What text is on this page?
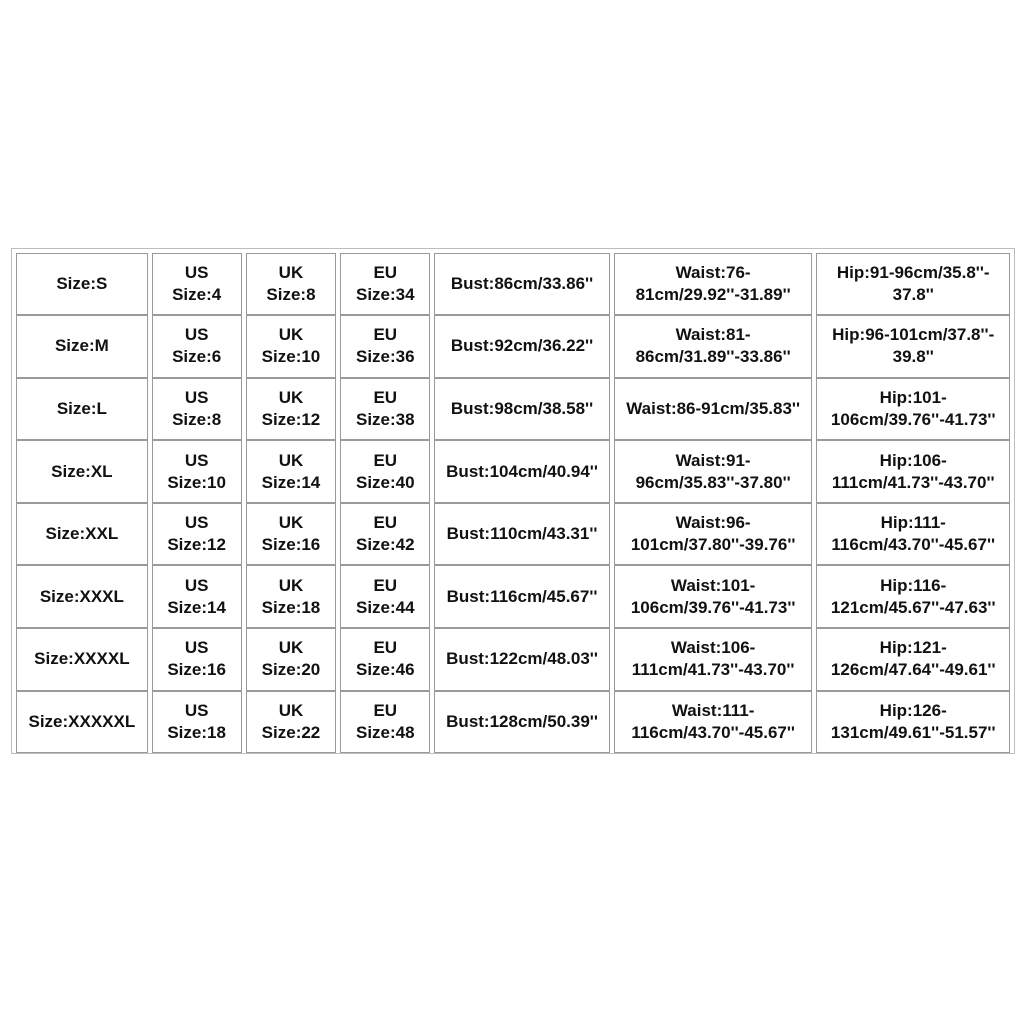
Size:S
US
Size:4
UK
Size:8
EU
Size:34
Bust:86cm/33.86''
Waist:76-
81cm/29.92''-31.89''
Hip:91-96cm/35.8''-
37.8''
Size:M
US
Size:6
UK
Size:10
EU
Size:36
Bust:92cm/36.22''
Waist:81-
86cm/31.89''-33.86''
Hip:96-101cm/37.8''-
39.8''
Size:L
US
Size:8
UK
Size:12
EU
Size:38
Bust:98cm/38.58'' Waist:86-91cm/35.83''

Hip:101-
106cm/39.76''-41.73''
Size:XL
US
Size:10
UK
Size:14
EU
Size:40
Bust:104cm/40.94''
Waist:91-
96cm/35.83''-37.80''
Hip:106-
111cm/41.73''-43.70''
Size:XXL
US
Size:12
UK
Size:16
EU
Size:42
Bust:110cm/43.31''
Waist:96-
101cm/37.80''-39.76''
Hip:111-
116cm/43.70''-45.67''
Size:XXXL
US
Size:14
UK
Size:18
EU
Size:44
Bust:116cm/45.67''
Waist:101-
106cm/39.76''-41.73''
Hip:116-
121cm/45.67''-47.63''
Size:XXXXL
US
Size:16
UK
Size:20
EU
Size:46
Bust:122cm/48.03''
Waist:106-
111cm/41.73''-43.70''
Hip:121-
126cm/47.64''-49.61''
Size:XXXXXL
US
Size:18
UK
Size:22
EU
Size:48
Bust:128cm/50.39''
Waist:111-
116cm/43.70''-45.67''
Hip:126-
131cm/49.61''-51.57''
